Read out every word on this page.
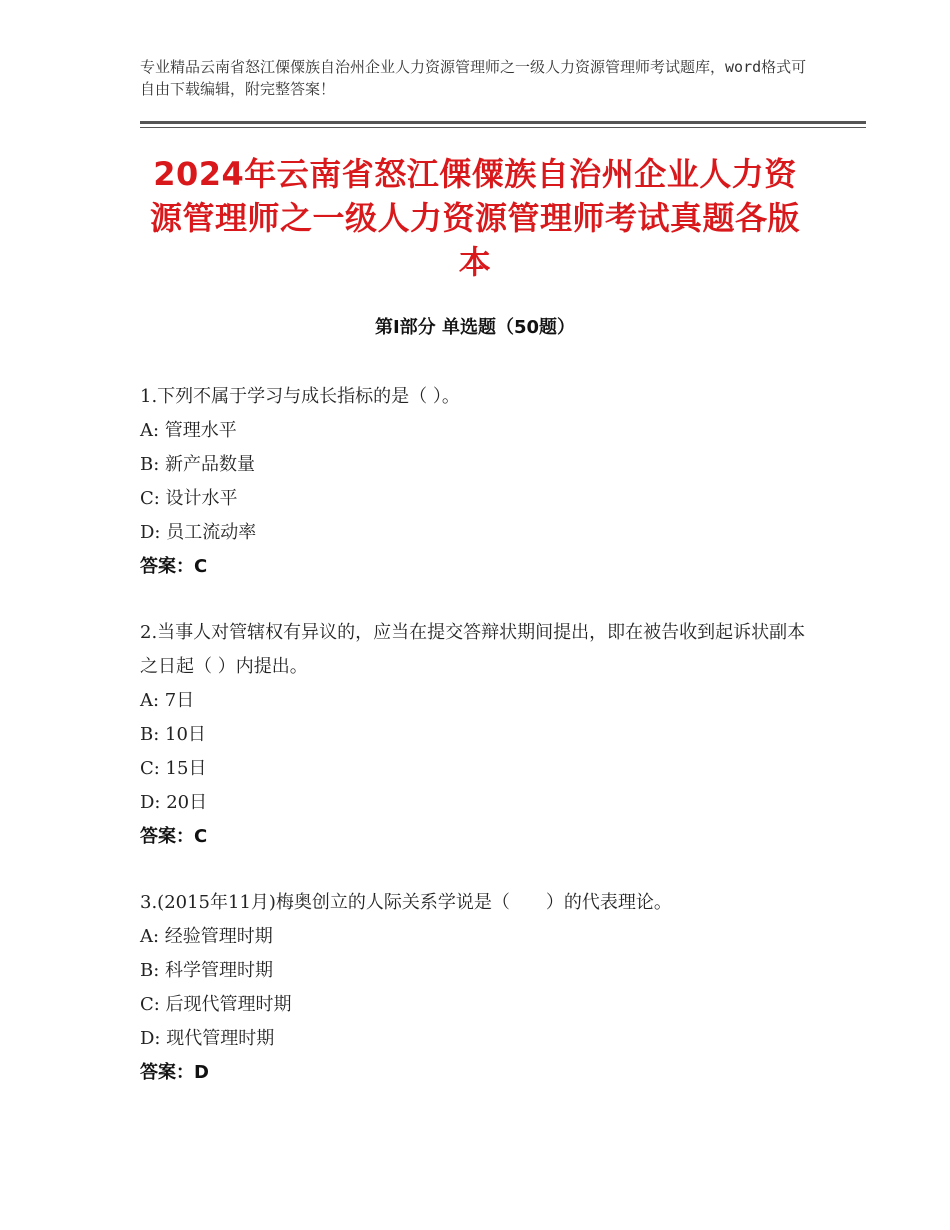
专业精品云南省怒江傈僳族自治州企业人力资源管理师之一级人力资源管理师考试题库，word格式可自由下载编辑，附完整答案！
2024年云南省怒江傈僳族自治州企业人力资源管理师之一级人力资源管理师考试真题各版本
第Ⅰ部分 单选题（50题）
1.下列不属于学习与成长指标的是（ ）。
A: 管理水平
B: 新产品数量
C: 设计水平
D: 员工流动率
答案：C
2.当事人对管辖权有异议的，应当在提交答辩状期间提出，即在被告收到起诉状副本之日起（ ）内提出。
A: 7日
B: 10日
C: 15日
D: 20日
答案：C
3.(2015年11月)梅奥创立的人际关系学说是（　　）的代表理论。
A: 经验管理时期
B: 科学管理时期
C: 后现代管理时期
D: 现代管理时期
答案：D
